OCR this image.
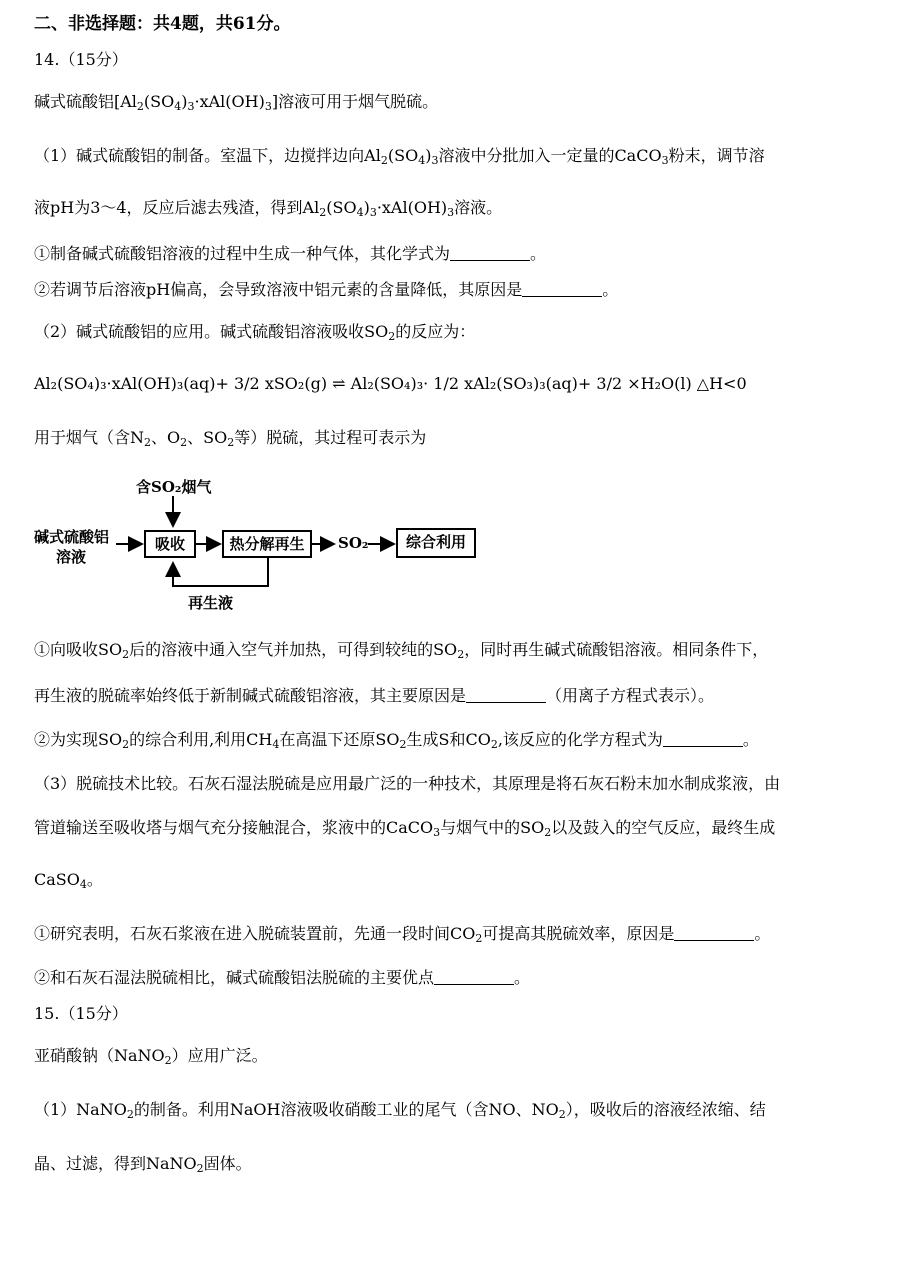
二、非选择题：共4题，共61分。
14.（15分）
碱式硫酸铝$[Al_2(SO_4)_3\cdot xAl(OH)_3]$溶液可用于烟气脱硫。
（1）碱式硫酸铝的制备。室温下，边搅拌边向$Al_2(SO_4)_3$溶液中分批加入一定量的CaCO$_3$粉末，调节溶
液pH为3～4，反应后滤去残渣，得到$Al_2(SO_4)_3\cdot xAl(OH)_3$溶液。
①制备碱式硫酸铝溶液的过程中生成一种气体，其化学式为	。
②若调节后溶液pH偏高，会导致溶液中铝元素的含量降低，其原因是	。
（2）碱式硫酸铝的应用。碱式硫酸铝溶液吸收$SO_2$的反应为：
Al₂(SO₄)₃·xAl(OH)₃(aq)+ 3/2 xSO₂(g) ⇌ Al₂(SO₄)₃· 1/2 xAl₂(SO₃)₃(aq)+ 3/2 ×H₂O(l) △H<0
用于烟气（含$N_2$、$O_2$、$SO_2$等）脱硫，其过程可表示为
含SO₂烟气
碱式硫酸铝
溶液
吸收	热分解再生	SO₂	综合利用
再生液
①向吸收$SO_2$后的溶液中通入空气并加热，可得到较纯的$SO_2$，同时再生碱式硫酸铝溶液。相同条件下，
再生液的脱硫率始终低于新制碱式硫酸铝溶液，其主要原因是	（用离子方程式表示）。
②为实现$SO_2$的综合利用,利用$CH_4$在高温下还原$SO_2$生成S和$CO_2$,该反应的化学方程式为	。
（3）脱硫技术比较。石灰石湿法脱硫是应用最广泛的一种技术，其原理是将石灰石粉末加水制成浆液，由
管道输送至吸收塔与烟气充分接触混合，浆液中的CaCO$_3$与烟气中的$SO_2$以及鼓入的空气反应，最终生成
CaSO$_4$。
①研究表明，石灰石浆液在进入脱硫装置前，先通一段时间$CO_2$可提高其脱硫效率，原因是	。
②和石灰石湿法脱硫相比，碱式硫酸铝法脱硫的主要优点	。
15.（15分）
亚硝酸钠（NaNO$_2$）应用广泛。
（1）NaNO$_2$的制备。利用NaOH溶液吸收硝酸工业的尾气（含NO、$NO_2$），吸收后的溶液经浓缩、结
晶、过滤，得到NaNO$_2$固体。
